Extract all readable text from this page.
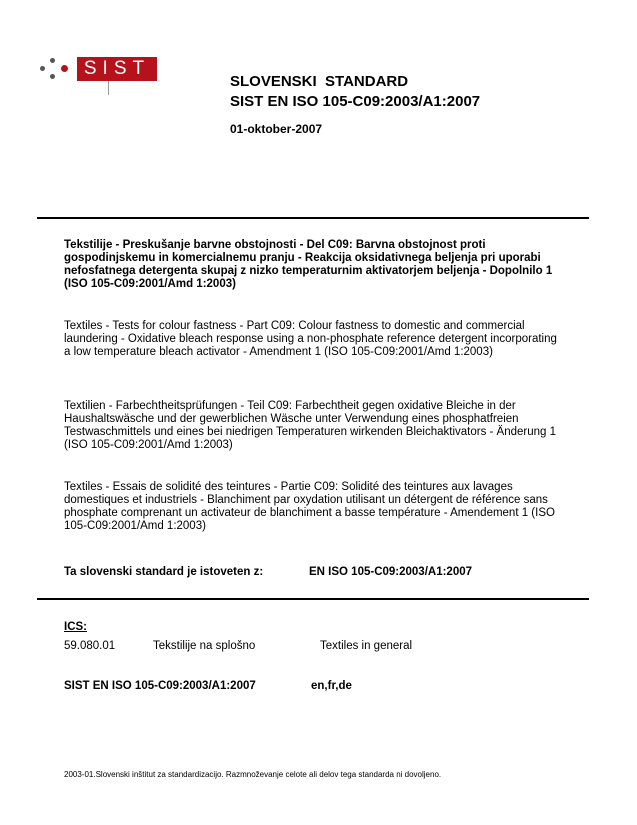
SIST
SLOVENSKI  STANDARD
SIST EN ISO 105-C09:2003/A1:2007
01-oktober-2007
Tekstilije - Preskušanje barvne obstojnosti - Del C09: Barvna obstojnost proti gospodinjskemu in komercialnemu pranju - Reakcija oksidativnega beljenja pri uporabi nefosfatnega detergenta skupaj z nizko temperaturnim aktivatorjem beljenja - Dopolnilo 1 (ISO 105-C09:2001/Amd 1:2003)
Textiles - Tests for colour fastness - Part C09: Colour fastness to domestic and commercial laundering - Oxidative bleach response using a non-phosphate reference detergent incorporating a low temperature bleach activator - Amendment 1 (ISO 105-C09:2001/Amd 1:2003)
Textilien - Farbechtheitsprüfungen - Teil C09: Farbechtheit gegen oxidative Bleiche in der Haushaltswäsche und der gewerblichen Wäsche unter Verwendung eines phosphatfreien Testwaschmittels und eines bei niedrigen Temperaturen wirkenden Bleichaktivators - Änderung 1 (ISO 105-C09:2001/Amd 1:2003)
Textiles - Essais de solidité des teintures - Partie C09: Solidité des teintures aux lavages domestiques et industriels - Blanchiment par oxydation utilisant un détergent de référence sans phosphate comprenant un activateur de blanchiment a basse température - Amendement 1 (ISO 105-C09:2001/Amd 1:2003)
Ta slovenski standard je istoveten z:	EN ISO 105-C09:2003/A1:2007
ICS:
59.080.01	Tekstilije na splošno	Textiles in general
SIST EN ISO 105-C09:2003/A1:2007	en,fr,de
2003-01.Slovenski inštitut za standardizacijo. Razmnoževanje celote ali delov tega standarda ni dovoljeno.
